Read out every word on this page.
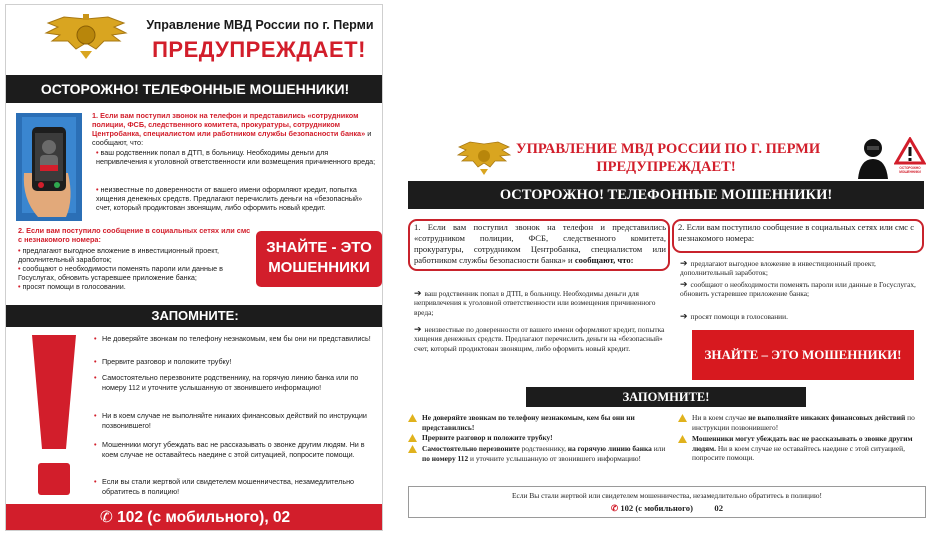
Управление МВД России по г. Перми
ПРЕДУПРЕЖДАЕТ!
ОСТОРОЖНО! ТЕЛЕФОННЫЕ МОШЕННИКИ!
1. Если вам поступил звонок на телефон и представились «сотрудником полиции, ФСБ, следственного комитета, прокуратуры, сотрудником Центробанка, специалистом или работником службы безопасности банка» и сообщают, что:
• ваш родственник попал в ДТП, в больницу. Необходимы деньги для непривлечения к уголовной ответственности или возмещения причиненного вреда;
• неизвестные по доверенности от вашего имени оформляют кредит, попытка хищения денежных средств. Предлагают перечислить деньги на «безопасный» счет, который продиктован звонящим, либо оформить новый кредит.
2. Если вам поступило сообщение в социальных сетях или смс с незнакомого номера:
• предлагают выгодное вложение в инвестиционный проект, дополнительный заработок;
• сообщают о необходимости поменять пароли или данные в Госуслугах, обновить устаревшее приложение банка;
• просят помощи в голосовании.
ЗНАЙТЕ - ЭТО МОШЕННИКИ
ЗАПОМНИТЕ:
• Не доверяйте звонкам по телефону незнакомым, кем бы они ни представились!
• Прервите разговор и положите трубку!
• Самостоятельно перезвоните родственнику, на горячую линию банка или по номеру 112 и уточните услышанную от звонившего информацию!
• Ни в коем случае не выполняйте никаких финансовых действий по инструкции позвонившего!
• Мошенники могут убеждать вас не рассказывать о звонке другим людям. Ни в коем случае не оставайтесь наедине с этой ситуацией, попросите помощи.
• Если вы стали жертвой или свидетелем мошенничества, незамедлительно обратитесь в полицию!
✆ 102 (с мобильного), 02
УПРАВЛЕНИЕ МВД РОССИИ ПО Г. ПЕРМИ
ПРЕДУПРЕЖДАЕТ!	ОСТОРОЖНО МОШЕННИКИ
ОСТОРОЖНО! ТЕЛЕФОННЫЕ МОШЕННИКИ!
1. Если вам поступил звонок на телефон и представились «сотрудником полиции, ФСБ, следственного комитета, прокуратуры, сотрудником Центробанка, специалистом или работником службы безопасности банка» и сообщают, что:
2. Если вам поступило сообщение в социальных сетях или смс с незнакомого номера:
➔ ваш родственник попал в ДТП, в больницу. Необходимы деньги для непривлечения к уголовной ответственности или возмещения причиненного вреда;
➔ неизвестные по доверенности от вашего имени оформляют кредит, попытка хищения денежных средств. Предлагают перечислить деньги на «безопасный» счет, который продиктован звонящим, либо оформить новый кредит.
➔ предлагают выгодное вложение в инвестиционный проект, дополнительный заработок;
➔ сообщают о необходимости поменять пароли или данные в Госуслугах, обновить устаревшее приложение банка;
➔ просят помощи в голосовании.
ЗНАЙТЕ – ЭТО МОШЕННИКИ!
ЗАПОМНИТЕ!
Не доверяйте звонкам по телефону незнакомым, кем бы они ни представились!
Прервите разговор и положите трубку!
Самостоятельно перезвоните родственнику, на горячую линию банка или по номеру 112 и уточните услышанную от звонившего информацию!
Ни в коем случае не выполняйте никаких финансовых действий по инструкции позвонившего!
Мошенники могут убеждать вас не рассказывать о звонке другим людям. Ни в коем случае не оставайтесь наедине с этой ситуацией, попросите помощи.
Если Вы стали жертвой или свидетелем мошенничества, незамедлительно обратитесь в полицию!
✆ 102 (с мобильного)          02
